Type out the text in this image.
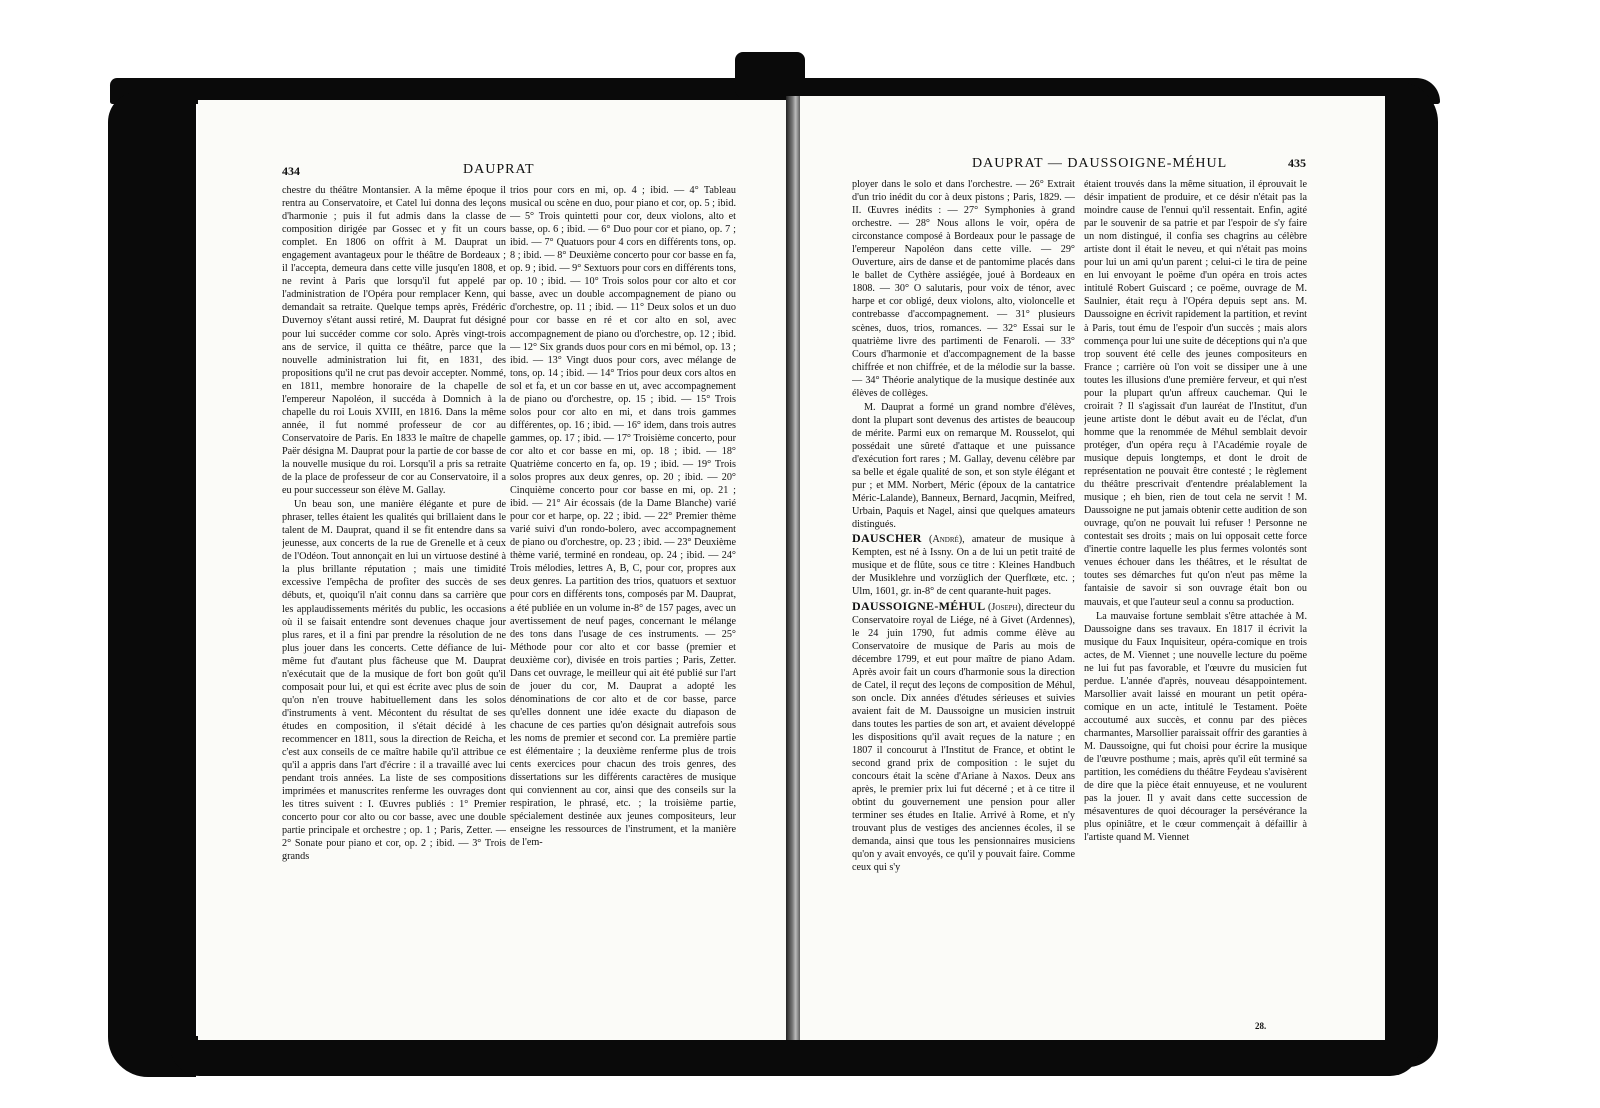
434	DAUPRAT

chestre du théâtre Montansier. A la même époque il rentra au Conservatoire, et Catel lui donna des leçons d'harmonie ; puis il fut admis dans la classe de composition dirigée par Gossec et y fit un cours complet. En 1806 on offrit à M. Dauprat un engagement avantageux pour le théâtre de Bordeaux ; il l'accepta, demeura dans cette ville jusqu'en 1808, et ne revint à Paris que lorsqu'il fut appelé par l'administration de l'Opéra pour remplacer Kenn, qui demandait sa retraite. Quelque temps après, Frédéric Duvernoy s'étant aussi retiré, M. Dauprat fut désigné pour lui succéder comme cor solo. Après vingt-trois ans de service, il quitta ce théâtre, parce que la nouvelle administration lui fit, en 1831, des propositions qu'il ne crut pas devoir accepter. Nommé, en 1811, membre honoraire de la chapelle de l'empereur Napoléon, il succéda à Domnich à la chapelle du roi Louis XVIII, en 1816. Dans la même année, il fut nommé professeur de cor au Conservatoire de Paris. En 1833 le maître de chapelle Paër désigna M. Dauprat pour la partie de cor basse de la nouvelle musique du roi. Lorsqu'il a pris sa retraite de la place de professeur de cor au Conservatoire, il a eu pour successeur son élève M. Gallay.

Un beau son, une manière élégante et pure de phraser, telles étaient les qualités qui brillaient dans le talent de M. Dauprat, quand il se fit entendre dans sa jeunesse, aux concerts de la rue de Grenelle et à ceux de l'Odéon. Tout annonçait en lui un virtuose destiné à la plus brillante réputation ; mais une timidité excessive l'empêcha de profiter des succès de ses débuts, et, quoiqu'il n'ait connu dans sa carrière que les applaudissements mérités du public, les occasions où il se faisait entendre sont devenues chaque jour plus rares, et il a fini par prendre la résolution de ne plus jouer dans les concerts. Cette défiance de lui-même fut d'autant plus fâcheuse que M. Dauprat n'exécutait que de la musique de fort bon goût qu'il composait pour lui, et qui est écrite avec plus de soin qu'on n'en trouve habituellement dans les solos d'instruments à vent. Mécontent du résultat de ses études en composition, il s'était décidé à les recommencer en 1811, sous la direction de Reicha, et c'est aux conseils de ce maître habile qu'il attribue ce qu'il a appris dans l'art d'écrire : il a travaillé avec lui pendant trois années. La liste de ses compositions imprimées et manuscrites renferme les ouvrages dont les titres suivent : I. Œuvres publiés : 1° Premier concerto pour cor alto ou cor basse, avec une double partie principale et orchestre ; op. 1 ; Paris, Zetter. — 2° Sonate pour piano et cor, op. 2 ; ibid. — 3° Trois grands

trios pour cors en mi, op. 4 ; ibid. — 4° Tableau musical ou scène en duo, pour piano et cor, op. 5 ; ibid. — 5° Trois quintetti pour cor, deux violons, alto et basse, op. 6 ; ibid. — 6° Duo pour cor et piano, op. 7 ; ibid. — 7° Quatuors pour 4 cors en différents tons, op. 8 ; ibid. — 8° Deuxième concerto pour cor basse en fa, op. 9 ; ibid. — 9° Sextuors pour cors en différents tons, op. 10 ; ibid. — 10° Trois solos pour cor alto et cor basse, avec un double accompagnement de piano ou d'orchestre, op. 11 ; ibid. — 11° Deux solos et un duo pour cor basse en ré et cor alto en sol, avec accompagnement de piano ou d'orchestre, op. 12 ; ibid. — 12° Six grands duos pour cors en mi bémol, op. 13 ; ibid. — 13° Vingt duos pour cors, avec mélange de tons, op. 14 ; ibid. — 14° Trios pour deux cors altos en sol et fa, et un cor basse en ut, avec accompagnement de piano ou d'orchestre, op. 15 ; ibid. — 15° Trois solos pour cor alto en mi, et dans trois gammes différentes, op. 16 ; ibid. — 16° idem, dans trois autres gammes, op. 17 ; ibid. — 17° Troisième concerto, pour cor alto et cor basse en mi, op. 18 ; ibid. — 18° Quatrième concerto en fa, op. 19 ; ibid. — 19° Trois solos propres aux deux genres, op. 20 ; ibid. — 20° Cinquième concerto pour cor basse en mi, op. 21 ; ibid. — 21° Air écossais (de la Dame Blanche) varié pour cor et harpe, op. 22 ; ibid. — 22° Premier thème varié suivi d'un rondo-bolero, avec accompagnement de piano ou d'orchestre, op. 23 ; ibid. — 23° Deuxième thème varié, terminé en rondeau, op. 24 ; ibid. — 24° Trois mélodies, lettres A, B, C, pour cor, propres aux deux genres. La partition des trios, quatuors et sextuor pour cors en différents tons, composés par M. Dauprat, a été publiée en un volume in-8° de 157 pages, avec un avertissement de neuf pages, concernant le mélange des tons dans l'usage de ces instruments. — 25° Méthode pour cor alto et cor basse (premier et deuxième cor), divisée en trois parties ; Paris, Zetter. Dans cet ouvrage, le meilleur qui ait été publié sur l'art de jouer du cor, M. Dauprat a adopté les dénominations de cor alto et de cor basse, parce qu'elles donnent une idée exacte du diapason de chacune de ces parties qu'on désignait autrefois sous les noms de premier et second cor. La première partie est élémentaire ; la deuxième renferme plus de trois cents exercices pour chacun des trois genres, des dissertations sur les différents caractères de musique qui conviennent au cor, ainsi que des conseils sur la respiration, le phrasé, etc. ; la troisième partie, spécialement destinée aux jeunes compositeurs, leur enseigne les ressources de l'instrument, et la manière de l'em-

DAUPRAT — DAUSSOIGNE-MÉHUL	435

ployer dans le solo et dans l'orchestre. — 26° Extrait d'un trio inédit du cor à deux pistons ; Paris, 1829. — II. Œuvres inédits : — 27° Symphonies à grand orchestre. — 28° Nous allons le voir, opéra de circonstance composé à Bordeaux pour le passage de l'empereur Napoléon dans cette ville. — 29° Ouverture, airs de danse et de pantomime placés dans le ballet de Cythère assiégée, joué à Bordeaux en 1808. — 30° O salutaris, pour voix de ténor, avec harpe et cor obligé, deux violons, alto, violoncelle et contrebasse d'accompagnement. — 31° plusieurs scènes, duos, trios, romances. — 32° Essai sur le quatrième livre des partimenti de Fenaroli. — 33° Cours d'harmonie et d'accompagnement de la basse chiffrée et non chiffrée, et de la mélodie sur la basse. — 34° Théorie analytique de la musique destinée aux élèves de collèges.

M. Dauprat a formé un grand nombre d'élèves, dont la plupart sont devenus des artistes de beaucoup de mérite. Parmi eux on remarque M. Rousselot, qui possédait une sûreté d'attaque et une puissance d'exécution fort rares ; M. Gallay, devenu célèbre par sa belle et égale qualité de son, et son style élégant et pur ; et MM. Norbert, Méric (époux de la cantatrice Méric-Lalande), Banneux, Bernard, Jacqmin, Meifred, Urbain, Paquis et Nagel, ainsi que quelques amateurs distingués.

DAUSCHER (André), amateur de musique à Kempten, est né à Issny. On a de lui un petit traité de musique et de flûte, sous ce titre : Kleines Handbuch der Musiklehre und vorzüglich der Querflœte, etc. ; Ulm, 1601, gr. in-8° de cent quarante-huit pages.

DAUSSOIGNE-MÉHUL (Joseph), directeur du Conservatoire royal de Liége, né à Givet (Ardennes), le 24 juin 1790, fut admis comme élève au Conservatoire de musique de Paris au mois de décembre 1799, et eut pour maître de piano Adam. Après avoir fait un cours d'harmonie sous la direction de Catel, il reçut des leçons de composition de Méhul, son oncle. Dix années d'études sérieuses et suivies avaient fait de M. Daussoigne un musicien instruit dans toutes les parties de son art, et avaient développé les dispositions qu'il avait reçues de la nature ; en 1807 il concourut à l'Institut de France, et obtint le second grand prix de composition : le sujet du concours était la scène d'Ariane à Naxos. Deux ans après, le premier prix lui fut décerné ; et à ce titre il obtint du gouvernement une pension pour aller terminer ses études en Italie. Arrivé à Rome, et n'y trouvant plus de vestiges des anciennes écoles, il se demanda, ainsi que tous les pensionnaires musiciens qu'on y avait envoyés, ce qu'il y pouvait faire. Comme ceux qui s'y

étaient trouvés dans la même situation, il éprouvait le désir impatient de produire, et ce désir n'était pas la moindre cause de l'ennui qu'il ressentait. Enfin, agité par le souvenir de sa patrie et par l'espoir de s'y faire un nom distingué, il confia ses chagrins au célèbre artiste dont il était le neveu, et qui n'était pas moins pour lui un ami qu'un parent ; celui-ci le tira de peine en lui envoyant le poëme d'un opéra en trois actes intitulé Robert Guiscard ; ce poëme, ouvrage de M. Saulnier, était reçu à l'Opéra depuis sept ans. M. Daussoigne en écrivit rapidement la partition, et revint à Paris, tout ému de l'espoir d'un succès ; mais alors commença pour lui une suite de déceptions qui n'a que trop souvent été celle des jeunes compositeurs en France ; carrière où l'on voit se dissiper une à une toutes les illusions d'une première ferveur, et qui n'est pour la plupart qu'un affreux cauchemar. Qui le croirait ? Il s'agissait d'un lauréat de l'Institut, d'un jeune artiste dont le début avait eu de l'éclat, d'un homme que la renommée de Méhul semblait devoir protéger, d'un opéra reçu à l'Académie royale de musique depuis longtemps, et dont le droit de représentation ne pouvait être contesté ; le règlement du théâtre prescrivait d'entendre préalablement la musique ; eh bien, rien de tout cela ne servit ! M. Daussoigne ne put jamais obtenir cette audition de son ouvrage, qu'on ne pouvait lui refuser ! Personne ne contestait ses droits ; mais on lui opposait cette force d'inertie contre laquelle les plus fermes volontés sont venues échouer dans les théâtres, et le résultat de toutes ses démarches fut qu'on n'eut pas même la fantaisie de savoir si son ouvrage était bon ou mauvais, et que l'auteur seul a connu sa production.

La mauvaise fortune semblait s'être attachée à M. Daussoigne dans ses travaux. En 1817 il écrivit la musique du Faux Inquisiteur, opéra-comique en trois actes, de M. Viennet ; une nouvelle lecture du poëme ne lui fut pas favorable, et l'œuvre du musicien fut perdue. L'année d'après, nouveau désappointement. Marsollier avait laissé en mourant un petit opéra-comique en un acte, intitulé le Testament. Poëte accoutumé aux succès, et connu par des pièces charmantes, Marsollier paraissait offrir des garanties à M. Daussoigne, qui fut choisi pour écrire la musique de l'œuvre posthume ; mais, après qu'il eût terminé sa partition, les comédiens du théâtre Feydeau s'avisèrent de dire que la pièce était ennuyeuse, et ne voulurent pas la jouer. Il y avait dans cette succession de mésaventures de quoi décourager la persévérance la plus opiniâtre, et le cœur commençait à défaillir à l'artiste quand M. Viennet

28.
